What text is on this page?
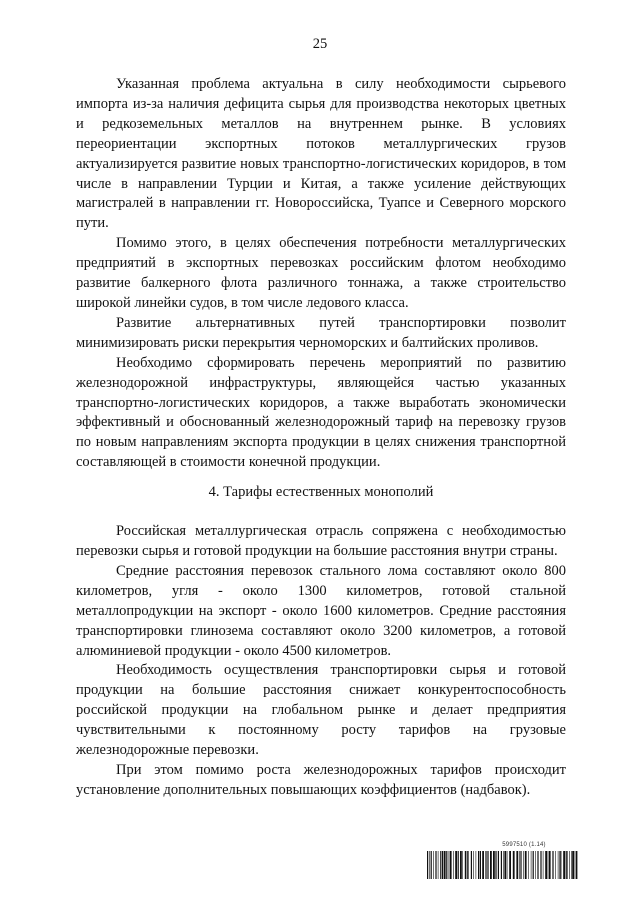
25

Указанная проблема актуальна в силу необходимости сырьевого импорта из-за наличия дефицита сырья для производства некоторых цветных и редкоземельных металлов на внутреннем рынке. В условиях переориентации экспортных потоков металлургических грузов актуализируется развитие новых транспортно-логистических коридоров, в том числе в направлении Турции и Китая, а также усиление действующих магистралей в направлении гг. Новороссийска, Туапсе и Северного морского пути.

Помимо этого, в целях обеспечения потребности металлургических предприятий в экспортных перевозках российским флотом необходимо развитие балкерного флота различного тоннажа, а также строительство широкой линейки судов, в том числе ледового класса.

Развитие альтернативных путей транспортировки позволит минимизировать риски перекрытия черноморских и балтийских проливов.

Необходимо сформировать перечень мероприятий по развитию железнодорожной инфраструктуры, являющейся частью указанных транспортно-логистических коридоров, а также выработать экономически эффективный и обоснованный железнодорожный тариф на перевозку грузов по новым направлениям экспорта продукции в целях снижения транспортной составляющей в стоимости конечной продукции.

4. Тарифы естественных монополий

Российская металлургическая отрасль сопряжена с необходимостью перевозки сырья и готовой продукции на большие расстояния внутри страны.

Средние расстояния перевозок стального лома составляют около 800 километров, угля - около 1300 километров, готовой стальной металлопродукции на экспорт - около 1600 километров. Средние расстояния транспортировки глинозема составляют около 3200 километров, а готовой алюминиевой продукции - около 4500 километров.

Необходимость осуществления транспортировки сырья и готовой продукции на большие расстояния снижает конкурентоспособность российской продукции на глобальном рынке и делает предприятия чувствительными к постоянному росту тарифов на грузовые железнодорожные перевозки.

При этом помимо роста железнодорожных тарифов происходит установление дополнительных повышающих коэффициентов (надбавок).

5997510 (1.14)
